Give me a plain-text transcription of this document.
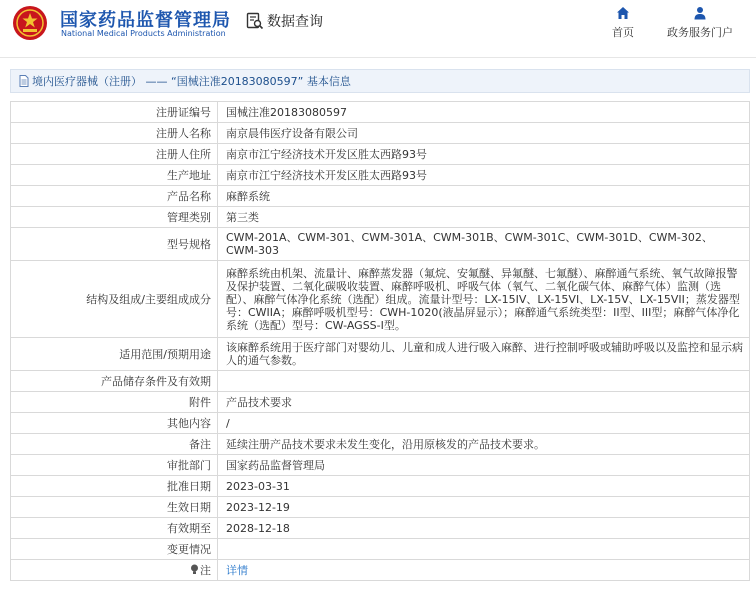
国家药品监督管理局
National Medical Products Administration
数据查询
首页	政务服务门户
境内医疗器械（注册） —— “国械注准20183080597” 基本信息
注册证编号	国械注准20183080597
注册人名称	南京晨伟医疗设备有限公司
注册人住所	南京市江宁经济技术开发区胜太西路93号
生产地址	南京市江宁经济技术开发区胜太西路93号
产品名称	麻醉系统
管理类别	第三类
型号规格	CWM-201A、CWM-301、CWM-301A、CWM-301B、CWM-301C、CWM-301D、CWM-302、CWM-303
结构及组成/主要组成成分	麻醉系统由机架、流量计、麻醉蒸发器（氟烷、安氟醚、异氟醚、七氟醚）、麻醉通气系统、氧气故障报警及保护装置、二氧化碳吸收装置、麻醉呼吸机、呼吸气体（氧气、二氧化碳气体、麻醉气体）监测（选配）、麻醉气体净化系统（选配）组成。流量计型号：LX-15IV、LX-15VI、LX-15V、LX-15VII；蒸发器型号：CWIIA；麻醉呼吸机型号：CWH-1020(液晶屏显示）；麻醉通气系统类型：II型、III型；麻醉气体净化系统（选配）型号：CW-AGSS-I型。
适用范围/预期用途	该麻醉系统用于医疗部门对婴幼儿、儿童和成人进行吸入麻醉、进行控制呼吸或辅助呼吸以及监控和显示病人的通气参数。
产品储存条件及有效期	
附件	产品技术要求
其他内容	/
备注	延续注册产品技术要求未发生变化，沿用原核发的产品技术要求。
审批部门	国家药品监督管理局
批准日期	2023-03-31
生效日期	2023-12-19
有效期至	2028-12-18
变更情况	
注	详情
